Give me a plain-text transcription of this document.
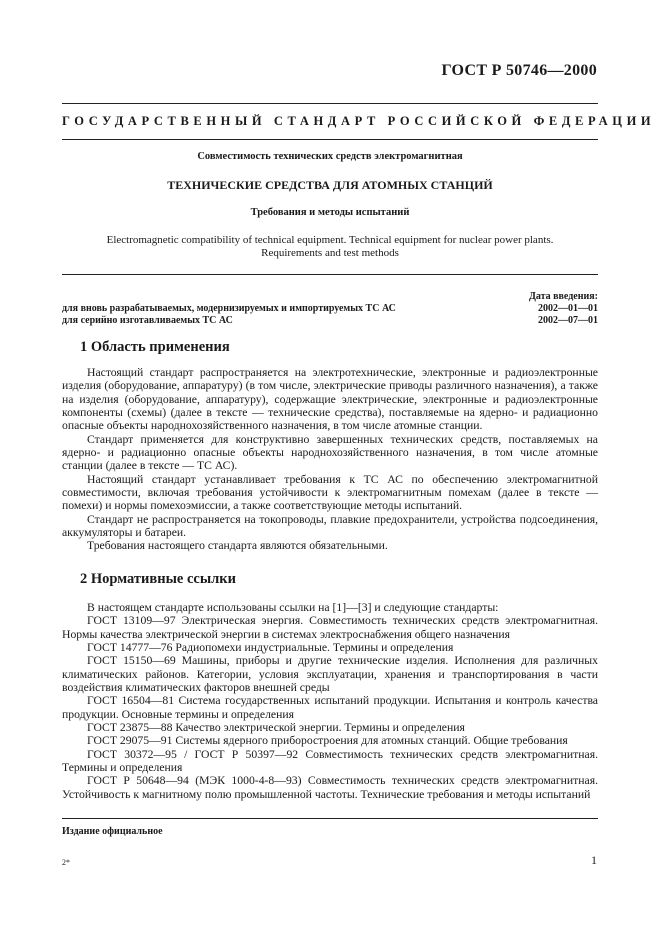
ГОСТ Р 50746—2000
ГОСУДАРСТВЕННЫЙ СТАНДАРТ РОССИЙСКОЙ ФЕДЕРАЦИИ
Совместимость технических средств электромагнитная
ТЕХНИЧЕСКИЕ СРЕДСТВА ДЛЯ АТОМНЫХ СТАНЦИЙ
Требования и методы испытаний
Electromagnetic compatibility of technical equipment. Technical equipment for nuclear power plants.
Requirements and test methods
Дата введения:
для вновь разрабатываемых, модернизируемых и импортируемых ТС АС	2002—01—01
для серийно изготавливаемых ТС АС	2002—07—01
1 Область применения

Настоящий стандарт распространяется на электротехнические, электронные и радиоэлектронные изделия (оборудование, аппаратуру) (в том числе, электрические приводы различного назначения), а также на изделия (оборудование, аппаратуру), содержащие электрические, электронные и радиоэлектронные компоненты (схемы) (далее в тексте — технические средства), поставляемые на ядерно- и радиационно опасные объекты народнохозяйственного назначения, в том числе атомные станции.

Стандарт применяется для конструктивно завершенных технических средств, поставляемых на ядерно- и радиационно опасные объекты народнохозяйственного назначения, в том числе атомные станции (далее в тексте — ТС АС).

Настоящий стандарт устанавливает требования к ТС АС по обеспечению электромагнитной совместимости, включая требования устойчивости к электромагнитным помехам (далее в тексте — помехи) и нормы помехоэмиссии, а также соответствующие методы испытаний.

Стандарт не распространяется на токопроводы, плавкие предохранители, устройства подсоединения, аккумуляторы и батареи.

Требования настоящего стандарта являются обязательными.

2 Нормативные ссылки

В настоящем стандарте использованы ссылки на [1]—[3] и следующие стандарты:

ГОСТ 13109—97 Электрическая энергия. Совместимость технических средств электромагнитная. Нормы качества электрической энергии в системах электроснабжения общего назначения

ГОСТ 14777—76 Радиопомехи индустриальные. Термины и определения

ГОСТ 15150—69 Машины, приборы и другие технические изделия. Исполнения для различных климатических районов. Категории, условия эксплуатации, хранения и транспортирования в части воздействия климатических факторов внешней среды

ГОСТ 16504—81 Система государственных испытаний продукции. Испытания и контроль качества продукции. Основные термины и определения

ГОСТ 23875—88 Качество электрической энергии. Термины и определения

ГОСТ 29075—91 Системы ядерного приборостроения для атомных станций. Общие требования

ГОСТ 30372—95 / ГОСТ Р 50397—92 Совместимость технических средств электромагнитная. Термины и определения

ГОСТ Р 50648—94 (МЭК 1000-4-8—93) Совместимость технических средств электромагнитная. Устойчивость к магнитному полю промышленной частоты. Технические требования и методы испытаний

Издание официальное
2*	1
